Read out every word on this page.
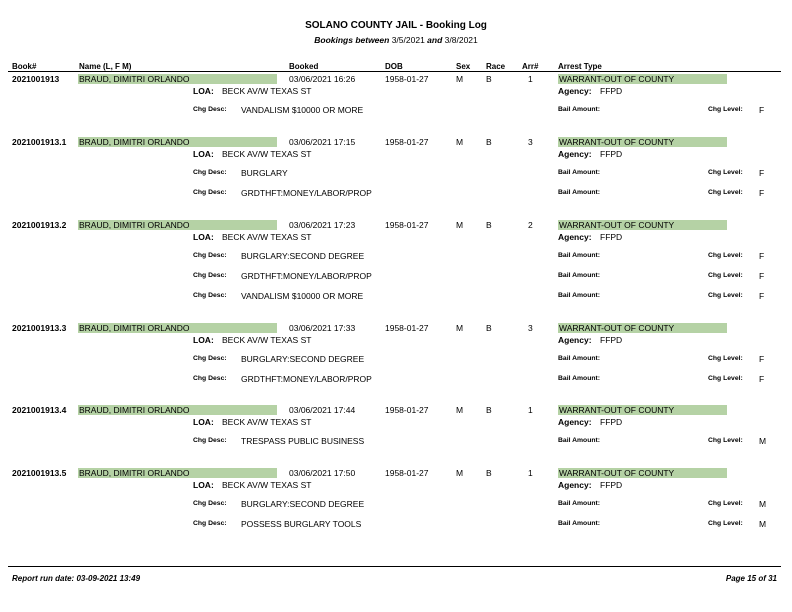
SOLANO COUNTY JAIL - Booking Log
Bookings between 3/5/2021 and 3/8/2021
Book#	Name (L, F M)	Booked	DOB	Sex Race Arr# Arrest Type
2021001913 BRAUD, DIMITRI ORLANDO	03/06/2021 16:26	1958-01-27	M	B	1	WARRANT-OUT OF COUNTY
LOA: BECK AV/W TEXAS ST	Agency: FFPD
Chg Desc: VANDALISM $10000 OR MORE	Bail Amount:	Chg Level: F
2021001913.1 BRAUD, DIMITRI ORLANDO	03/06/2021 17:15	1958-01-27	M	B	3	WARRANT-OUT OF COUNTY
LOA: BECK AV/W TEXAS ST	Agency: FFPD
Chg Desc: BURGLARY	Bail Amount:	Chg Level: F
Chg Desc: GRDTHFT:MONEY/LABOR/PROP	Bail Amount:	Chg Level: F
2021001913.2 BRAUD, DIMITRI ORLANDO	03/06/2021 17:23	1958-01-27	M	B	2	WARRANT-OUT OF COUNTY
LOA: BECK AV/W TEXAS ST	Agency: FFPD
Chg Desc: BURGLARY:SECOND DEGREE	Bail Amount:	Chg Level: F
Chg Desc: GRDTHFT:MONEY/LABOR/PROP	Bail Amount:	Chg Level: F
Chg Desc: VANDALISM $10000 OR MORE	Bail Amount:	Chg Level: F
2021001913.3 BRAUD, DIMITRI ORLANDO	03/06/2021 17:33	1958-01-27	M	B	3	WARRANT-OUT OF COUNTY
LOA: BECK AV/W TEXAS ST	Agency: FFPD
Chg Desc: BURGLARY:SECOND DEGREE	Bail Amount:	Chg Level: F
Chg Desc: GRDTHFT:MONEY/LABOR/PROP	Bail Amount:	Chg Level: F
2021001913.4 BRAUD, DIMITRI ORLANDO	03/06/2021 17:44	1958-01-27	M	B	1	WARRANT-OUT OF COUNTY
LOA: BECK AV/W TEXAS ST	Agency: FFPD
Chg Desc: TRESPASS PUBLIC BUSINESS	Bail Amount:	Chg Level: M
2021001913.5 BRAUD, DIMITRI ORLANDO	03/06/2021 17:50	1958-01-27	M	B	1	WARRANT-OUT OF COUNTY
LOA: BECK AV/W TEXAS ST	Agency: FFPD
Chg Desc: BURGLARY:SECOND DEGREE	Bail Amount:	Chg Level: M
Chg Desc: POSSESS BURGLARY TOOLS	Bail Amount:	Chg Level: M
Report run date: 03-09-2021 13:49	Page 15 of 31
